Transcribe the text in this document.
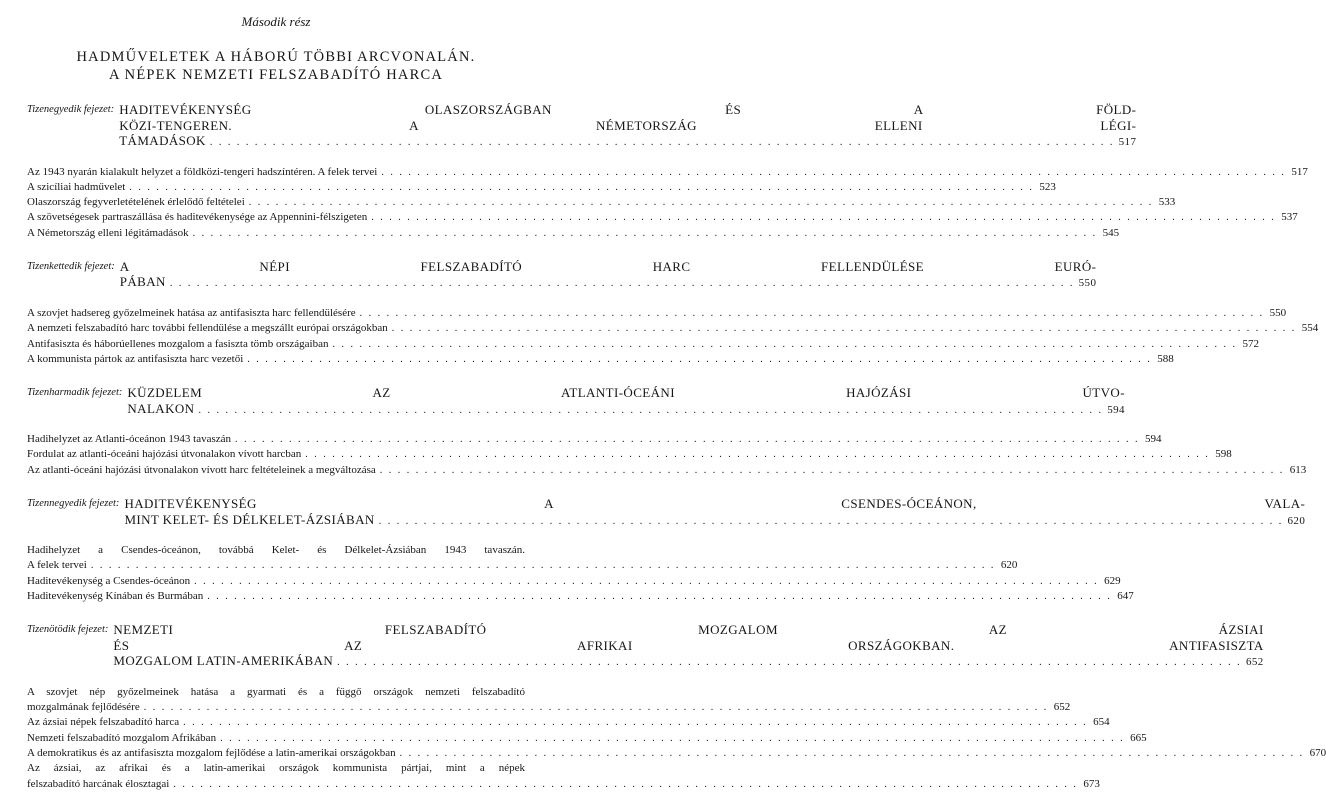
Második rész
HADMŰVELETEK A HÁBORÚ TÖBBI ARCVONALÁN.
A NÉPEK NEMZETI FELSZABADÍTÓ HARCA
Tizenegyedik fejezet: HADITEVÉKENYSÉG OLASZORSZÁGBAN ÉS A FÖLD-
KÖZI-TENGEREN. A NÉMETORSZÁG ELLENI LÉGI-
TÁMADÁSOK . . .	517
Az 1943 nyarán kialakult helyzet a földközi-tengeri hadszíntéren. A felek tervei . . .	517
A szicíliai hadművelet . . .	523
Olaszország fegyverletételének érlelődő feltételei . . .	533
A szövetségesek partraszállása és haditevékenysége az Appennini-félszigeten . . .	537
A Németország elleni légitámadások . . .	545
Tizenkettedik fejezet: A NÉPI FELSZABADÍTÓ HARC FELLENDÜLÉSE EURÓ-
PÁBAN . . .	550
A szovjet hadsereg győzelmeinek hatása az antifasiszta harc fellendülésére . . .	550
A nemzeti felszabadító harc további fellendülése a megszállt európai országokban . . .	554
Antifasiszta és háborúellenes mozgalom a fasiszta tömb országaiban . . .	572
A kommunista pártok az antifasiszta harc vezetői . . .	588
Tizenharmadik fejezet: KÜZDELEM AZ ATLANTI-ÓCEÁNI HAJÓZÁSI ÚTVO-
NALAKON . . .	594
Hadihelyzet az Atlanti-óceánon 1943 tavaszán . . .	594
Fordulat az atlanti-óceáni hajózási útvonalakon vívott harcban . . .	598
Az atlanti-óceáni hajózási útvonalakon vívott harc feltételeinek a megváltozása . . .	613
Tizennegyedik fejezet: HADITEVÉKENYSÉG A CSENDES-ÓCEÁNON, VALA-
MINT KELET- ÉS DÉLKELET-ÁZSIÁBAN . . .	620
Hadihelyzet a Csendes-óceánon, továbbá Kelet- és Délkelet-Ázsiában 1943 tavaszán.
A felek tervei . . .	620
Haditevékenység a Csendes-óceánon . . .	629
Haditevékenység Kínában és Burmában . . .	647
Tizenötödik fejezet: NEMZETI FELSZABADÍTÓ MOZGALOM AZ ÁZSIAI
ÉS AZ AFRIKAI ORSZÁGOKBAN. ANTIFASISZTA
MOZGALOM LATIN-AMERIKÁBAN . . .	652
A szovjet nép győzelmeinek hatása a gyarmati és a függő országok nemzeti felszabadító
mozgalmának fejlődésére . . .	652
Az ázsiai népek felszabadító harca . . .	654
Nemzeti felszabadító mozgalom Afrikában . . .	665
A demokratikus és az antifasiszta mozgalom fejlődése a latin-amerikai országokban . . .	670
Az ázsiai, az afrikai és a latin-amerikai országok kommunista pártjai, mint a népek
felszabadító harcának élosztagai . . .	673
